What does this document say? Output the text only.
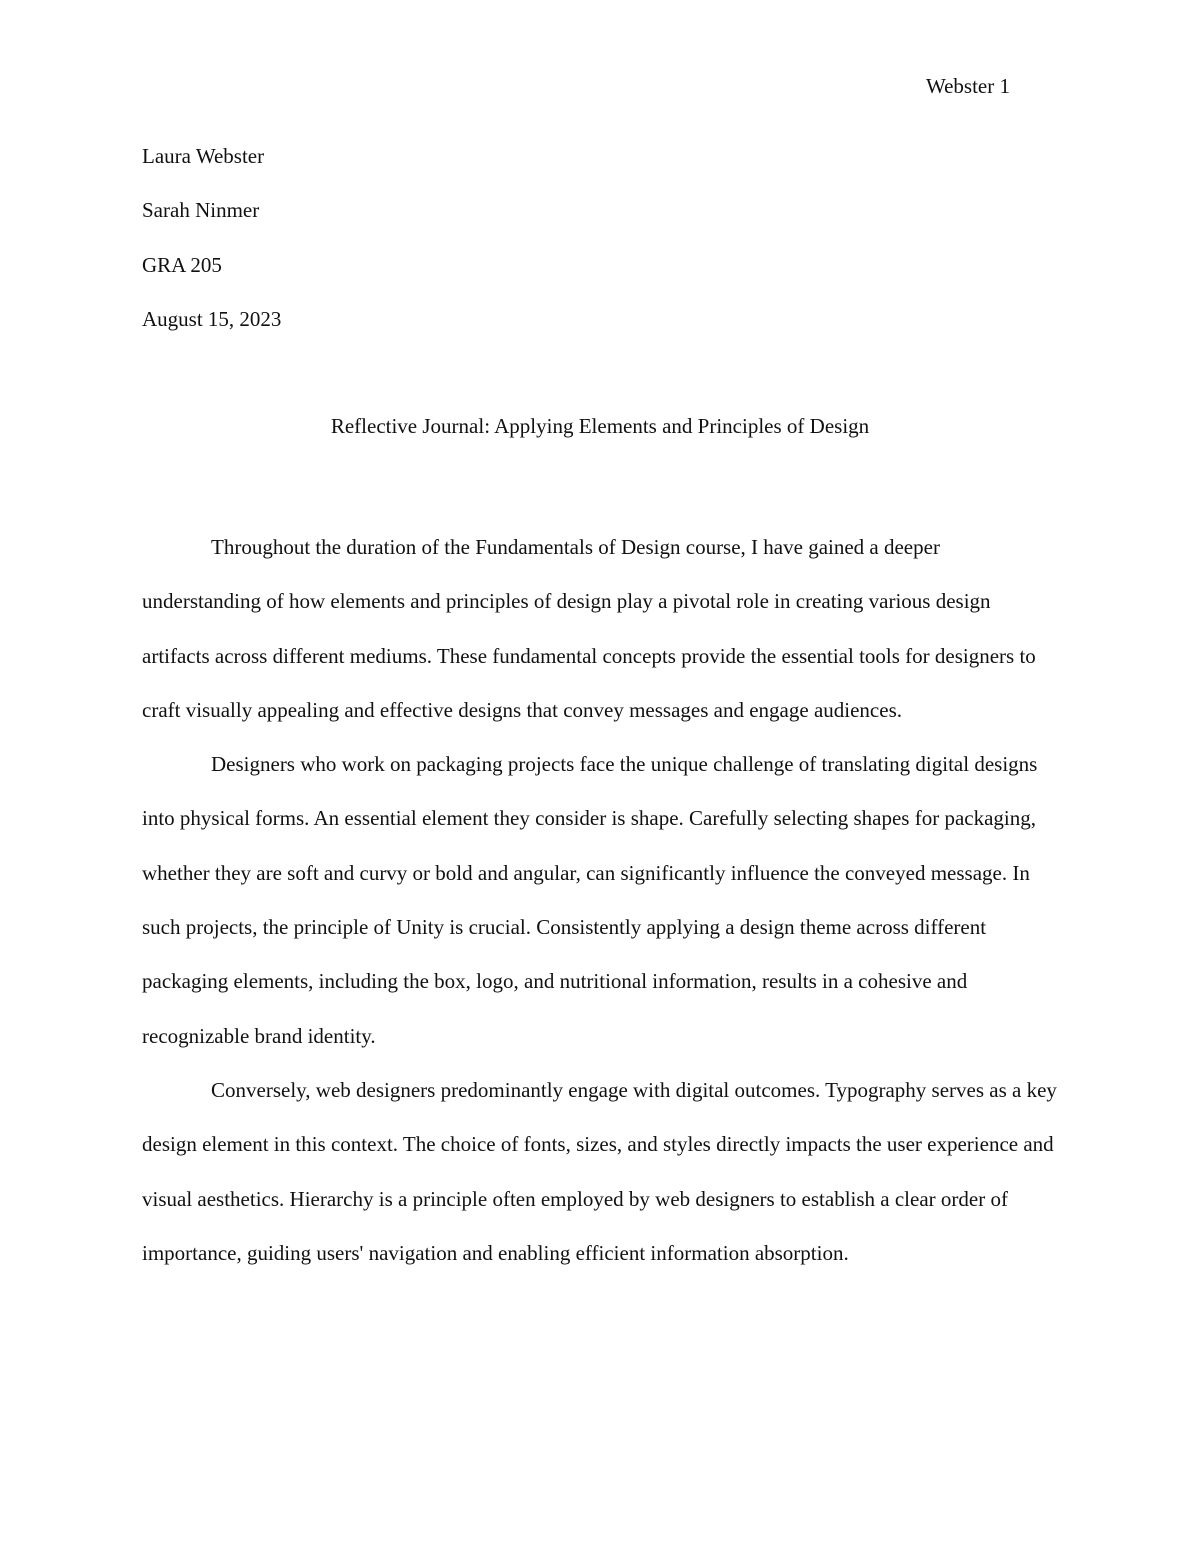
Webster 1
Laura Webster
Sarah Ninmer
GRA 205
August 15, 2023
Reflective Journal: Applying Elements and Principles of Design

Throughout the duration of the Fundamentals of Design course, I have gained a deeper understanding of how elements and principles of design play a pivotal role in creating various design artifacts across different mediums. These fundamental concepts provide the essential tools for designers to craft visually appealing and effective designs that convey messages and engage audiences.

Designers who work on packaging projects face the unique challenge of translating digital designs into physical forms. An essential element they consider is shape. Carefully selecting shapes for packaging, whether they are soft and curvy or bold and angular, can significantly influence the conveyed message. In such projects, the principle of Unity is crucial. Consistently applying a design theme across different packaging elements, including the box, logo, and nutritional information, results in a cohesive and recognizable brand identity.

Conversely, web designers predominantly engage with digital outcomes. Typography serves as a key design element in this context. The choice of fonts, sizes, and styles directly impacts the user experience and visual aesthetics. Hierarchy is a principle often employed by web designers to establish a clear order of importance, guiding users' navigation and enabling efficient information absorption.
